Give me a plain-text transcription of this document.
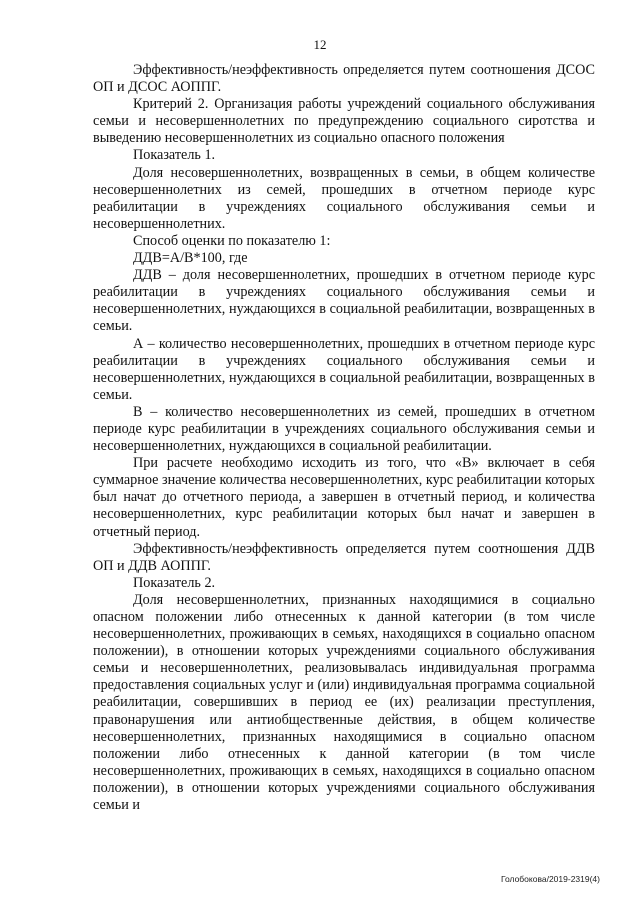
12

Эффективность/неэффективность определяется путем соотношения ДСОС ОП и ДСОС АОППГ.

Критерий 2. Организация работы учреждений социального обслуживания семьи и несовершеннолетних по предупреждению социального сиротства и выведению несовершеннолетних из социально опасного положения

Показатель 1.

Доля несовершеннолетних, возвращенных в семьи, в общем количестве несовершеннолетних из семей, прошедших в отчетном периоде курс реабилитации в учреждениях социального обслуживания семьи и несовершеннолетних.

Способ оценки по показателю 1:

ДДВ=А/В*100, где

ДДВ – доля несовершеннолетних, прошедших в отчетном периоде курс реабилитации в учреждениях социального обслуживания семьи и несовершеннолетних, нуждающихся в социальной реабилитации, возвращенных в семьи.

А – количество несовершеннолетних, прошедших в отчетном периоде курс реабилитации в учреждениях социального обслуживания семьи и несовершеннолетних, нуждающихся в социальной реабилитации, возвращенных в семьи.

В – количество несовершеннолетних из семей, прошедших в отчетном периоде курс реабилитации в учреждениях социального обслуживания семьи и несовершеннолетних, нуждающихся в социальной реабилитации.

При расчете необходимо исходить из того, что «В» включает в себя суммарное значение количества несовершеннолетних, курс реабилитации которых был начат до отчетного периода, а завершен в отчетный период, и количества несовершеннолетних, курс реабилитации которых был начат и завершен в отчетный период.

Эффективность/неэффективность определяется путем соотношения ДДВ ОП и ДДВ АОППГ.

Показатель 2.

Доля несовершеннолетних, признанных находящимися в социально опасном положении либо отнесенных к данной категории (в том числе несовершеннолетних, проживающих в семьях, находящихся в социально опасном положении), в отношении которых учреждениями социального обслуживания семьи и несовершеннолетних, реализовывалась индивидуальная программа предоставления социальных услуг и (или) индивидуальная программа социальной реабилитации, совершивших в период ее (их) реализации преступления, правонарушения или антиобщественные действия, в общем количестве несовершеннолетних, признанных находящимися в социально опасном положении либо отнесенных к данной категории (в том числе несовершеннолетних, проживающих в семьях, находящихся в социально опасном положении), в отношении которых учреждениями социального обслуживания семьи и

Голобокова/2019-2319(4)
